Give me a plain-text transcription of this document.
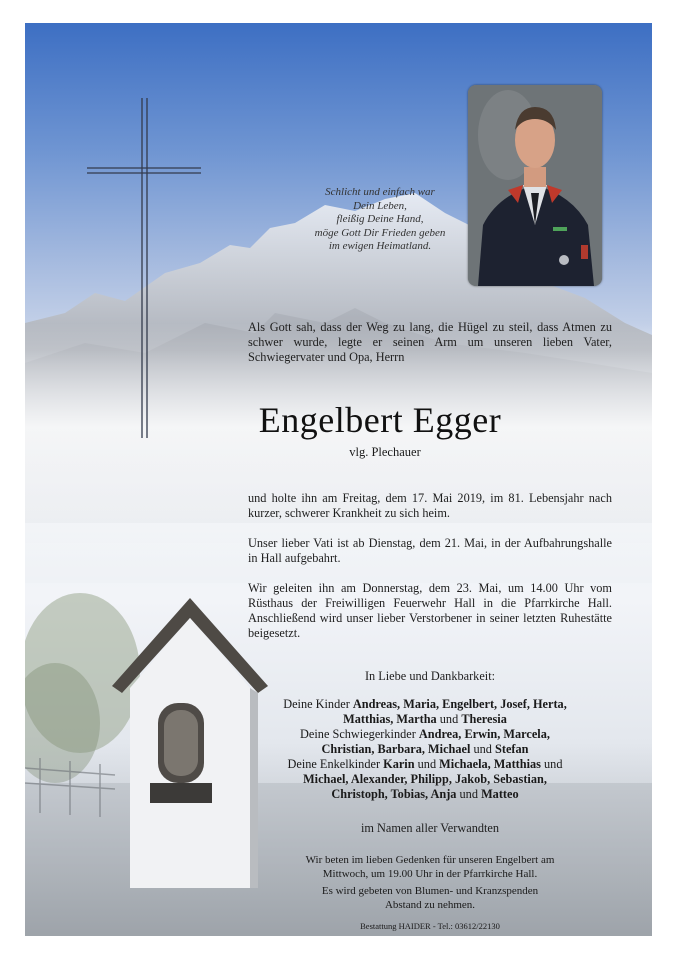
Schlicht und einfach war
Dein Leben,
fleißig Deine Hand,
möge Gott Dir Frieden geben
im ewigen Heimatland.
Als Gott sah, dass der Weg zu lang, die Hügel zu steil, dass Atmen zu schwer wurde, legte er seinen Arm um unseren lieben Vater, Schwiegervater und Opa, Herrn
Engelbert Egger
vlg. Plechauer
und holte ihn am Freitag, dem 17. Mai 2019, im 81. Lebensjahr nach kurzer, schwerer Krankheit zu sich heim.
Unser lieber Vati ist ab Dienstag, dem 21. Mai, in der Aufbahrungshalle in Hall aufgebahrt.
Wir geleiten ihn am Donnerstag, dem 23. Mai, um 14.00 Uhr vom Rüsthaus der Freiwilligen Feuerwehr Hall in die Pfarrkirche Hall. Anschließend wird unser lieber Verstorbener in seiner letzten Ruhestätte beigesetzt.
In Liebe und Dankbarkeit:
Deine Kinder Andreas, Maria, Engelbert, Josef, Herta,
Matthias, Martha und Theresia
Deine Schwiegerkinder Andrea, Erwin, Marcela,
Christian, Barbara, Michael und Stefan
Deine Enkelkinder Karin und Michaela, Matthias und
Michael, Alexander, Philipp, Jakob, Sebastian,
Christoph, Tobias, Anja und Matteo
im Namen aller Verwandten
Wir beten im lieben Gedenken für unseren Engelbert am
Mittwoch, um 19.00 Uhr in der Pfarrkirche Hall.
Es wird gebeten von Blumen- und Kranzspenden
Abstand zu nehmen.
Bestattung HAIDER - Tel.: 03612/22130
